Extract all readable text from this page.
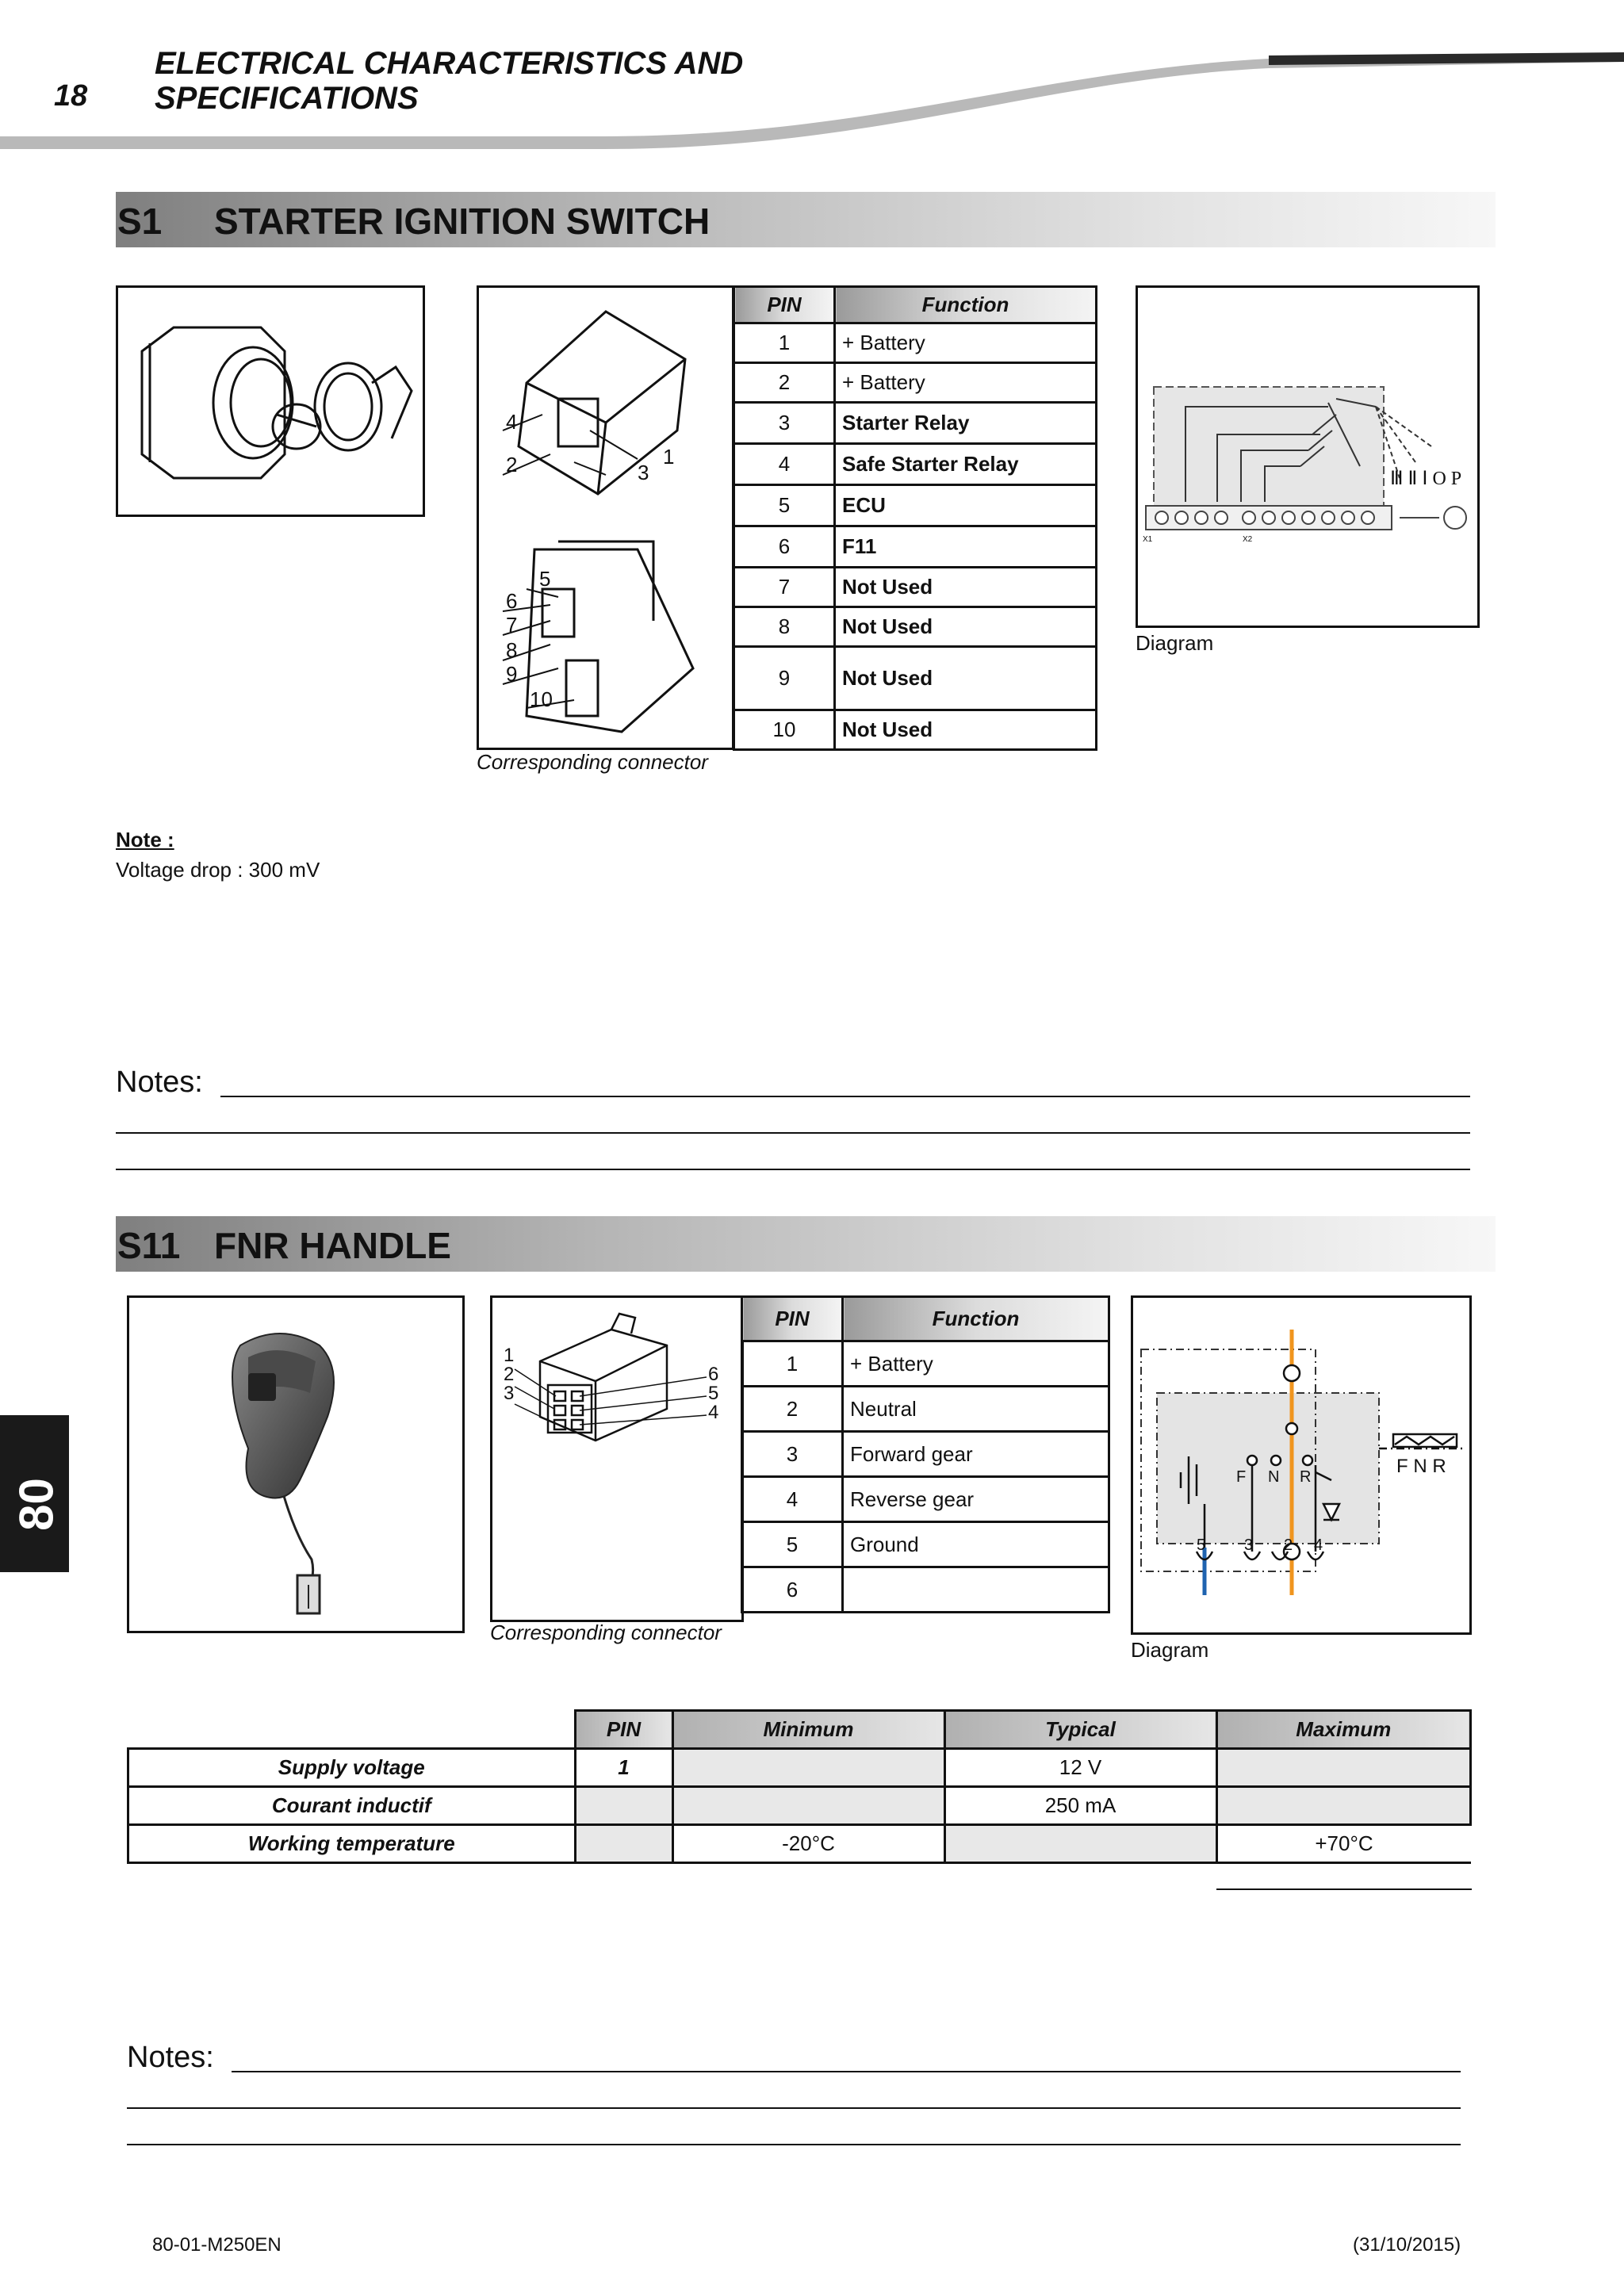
18
ELECTRICAL CHARACTERISTICS AND
SPECIFICATIONS
80
S1 STARTER IGNITION SWITCH
4
2	1
3
5
6
7
8
9
10
Corresponding connector
PIN	Function
1	+ Battery
2	+ Battery
3	Starter Relay
4	Safe Starter Relay
5	ECU
6	F11
7	Not Used
8	Not Used
9	Not Used
10	Not Used
X1	X2
Ⅲ Ⅱ Ⅰ O P
Diagram
Note :
Voltage drop : 300 mV
Notes:
S11 FNR HANDLE
1
2
3
6
5
4
Corresponding connector
PIN	Function
1	+ Battery
2	Neutral
3	Forward gear
4	Reverse gear
5	Ground
6	
F N R
5 3 2 4
F N R
Diagram
	PIN	Minimum	Typical	Maximum
Supply voltage	1		12 V	
Courant inductif			250 mA	
Working temperature		-20°C		+70°C
Notes:
80-01-M250EN	(31/10/2015)
